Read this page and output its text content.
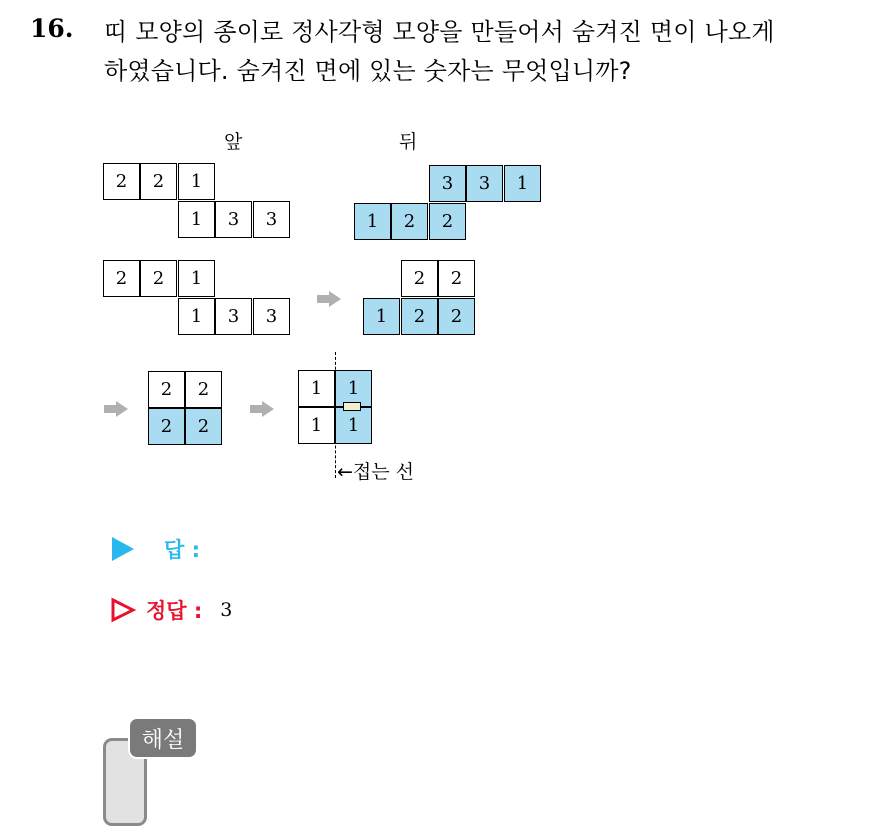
16. 띠 모양의 종이로 정사각형 모양을 만들어서 숨겨진 면이 나오게
하였습니다. 숨겨진 면에 있는 숫자는 무엇입니까?
앞	뒤
2	2	1
1	3	3
3	3	1
1	2	2
2	2	1
1	3	3
2	2
1	2	2
2	2
2	2
1	1
1	1
←접는 선
답 :
정답 : 3
해설
